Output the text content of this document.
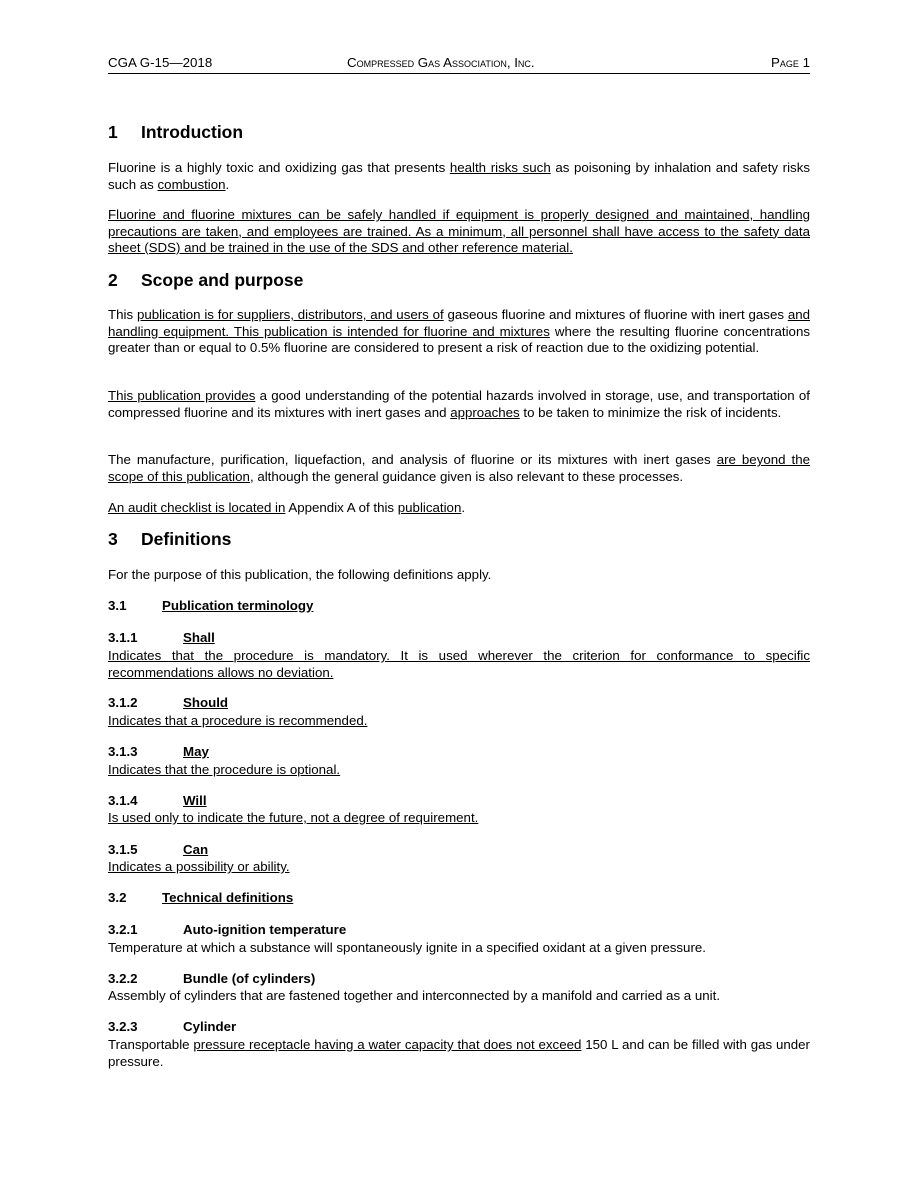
CGA G-15—2018	Compressed Gas Association, Inc.	Page 1
1 Introduction

Fluorine is a highly toxic and oxidizing gas that presents health risks such as poisoning by inhalation and safety risks such as combustion.

Fluorine and fluorine mixtures can be safely handled if equipment is properly designed and maintained, handling precautions are taken, and employees are trained. As a minimum, all personnel shall have access to the safety data sheet (SDS) and be trained in the use of the SDS and other reference material.

2 Scope and purpose

This publication is for suppliers, distributors, and users of gaseous fluorine and mixtures of fluorine with inert gases and handling equipment. This publication is intended for fluorine and mixtures where the resulting fluorine concentrations greater than or equal to 0.5% fluorine are considered to present a risk of reaction due to the oxidizing potential.

This publication provides a good understanding of the potential hazards involved in storage, use, and transportation of compressed fluorine and its mixtures with inert gases and approaches to be taken to minimize the risk of incidents.

The manufacture, purification, liquefaction, and analysis of fluorine or its mixtures with inert gases are beyond the scope of this publication, although the general guidance given is also relevant to these processes.

An audit checklist is located in Appendix A of this publication.

3 Definitions

For the purpose of this publication, the following definitions apply.

3.1	Publication terminology
3.1.1	Shall
Indicates that the procedure is mandatory. It is used wherever the criterion for conformance to specific recommendations allows no deviation.
3.1.2	Should
Indicates that a procedure is recommended.
3.1.3	May
Indicates that the procedure is optional.
3.1.4	Will
Is used only to indicate the future, not a degree of requirement.
3.1.5	Can
Indicates a possibility or ability.
3.2	Technical definitions
3.2.1	Auto-ignition temperature
Temperature at which a substance will spontaneously ignite in a specified oxidant at a given pressure.
3.2.2	Bundle (of cylinders)
Assembly of cylinders that are fastened together and interconnected by a manifold and carried as a unit.
3.2.3	Cylinder
Transportable pressure receptacle having a water capacity that does not exceed 150 L and can be filled with gas under pressure.
